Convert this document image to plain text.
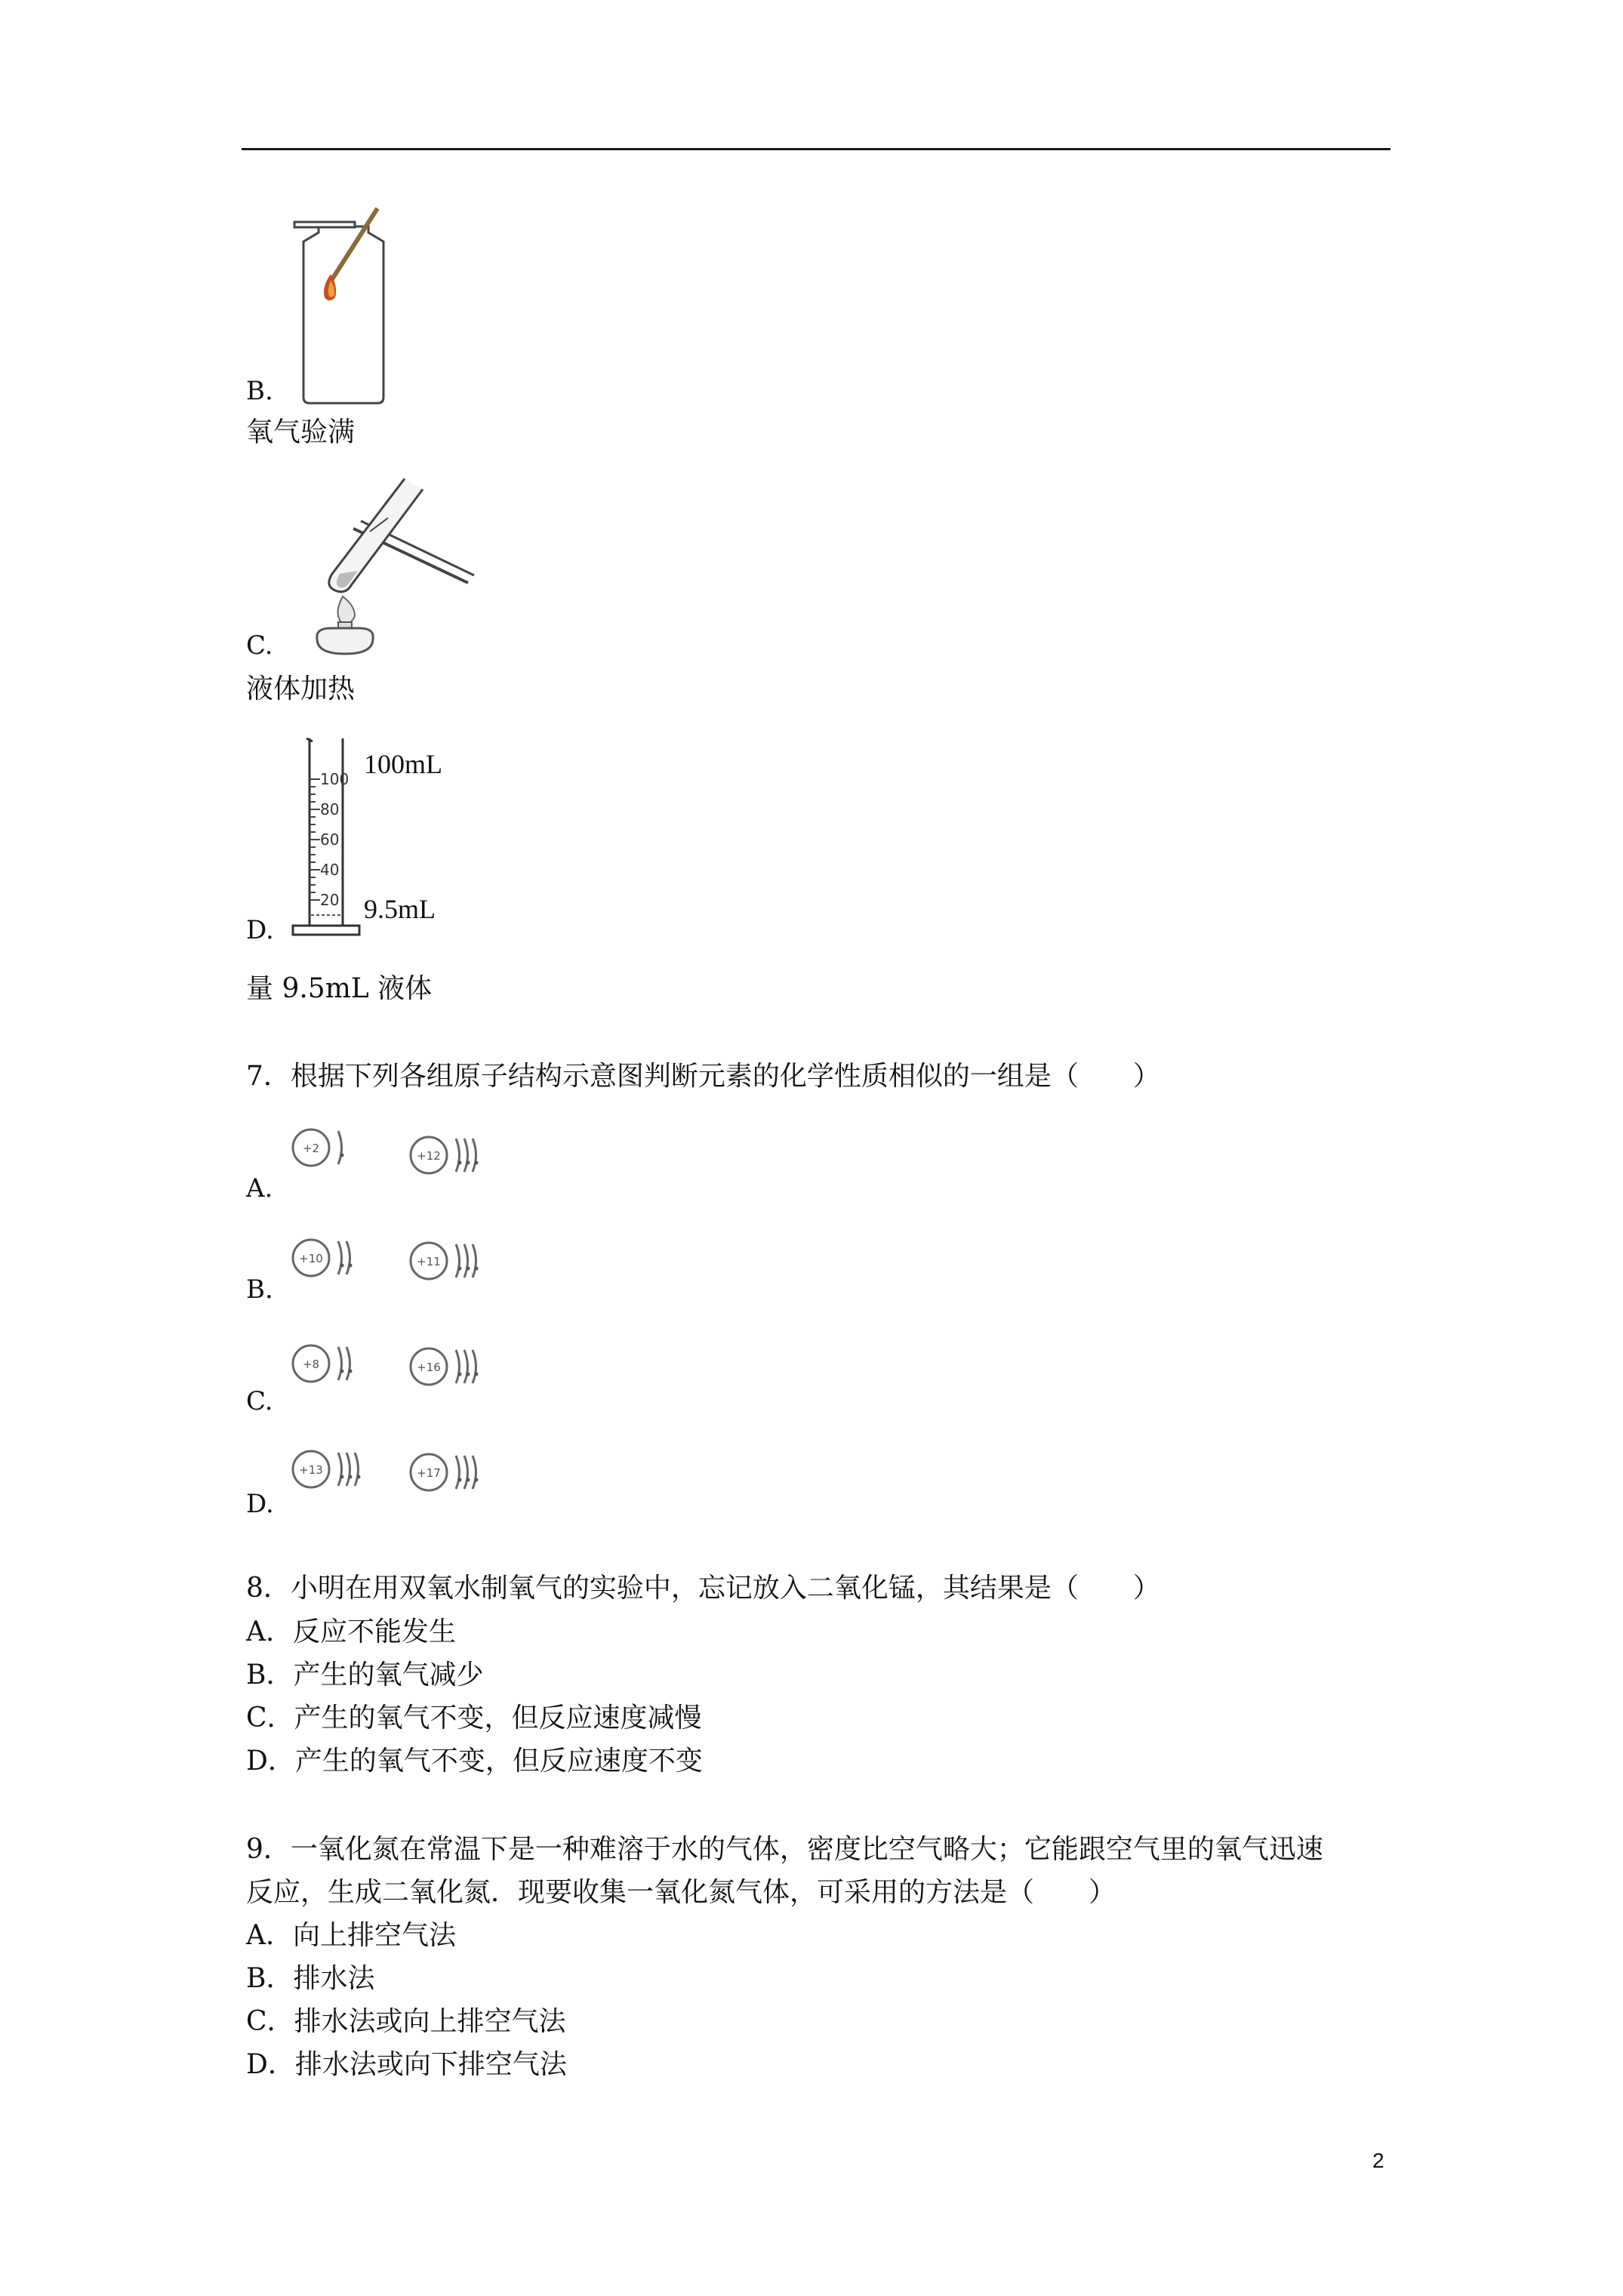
B.
氧气验满
C.
液体加热
100
80
60
40
20
100mL
9.5mL
D.
量 9.5mL 液体
7．根据下列各组原子结构示意图判断元素的化学性质相似的一组是（　　）
A.
+2
+12
B.
+10	+11
C.
+8	+16
D.
+13	+17
8．小明在用双氧水制氧气的实验中，忘记放入二氧化锰，其结果是（　　）
A．反应不能发生
B．产生的氧气减少
C．产生的氧气不变，但反应速度减慢
D．产生的氧气不变，但反应速度不变
9．一氧化氮在常温下是一种难溶于水的气体，密度比空气略大；它能跟空气里的氧气迅速
反应，生成二氧化氮．现要收集一氧化氮气体，可采用的方法是（　　）
A．向上排空气法
B．排水法
C．排水法或向上排空气法
D．排水法或向下排空气法
2
